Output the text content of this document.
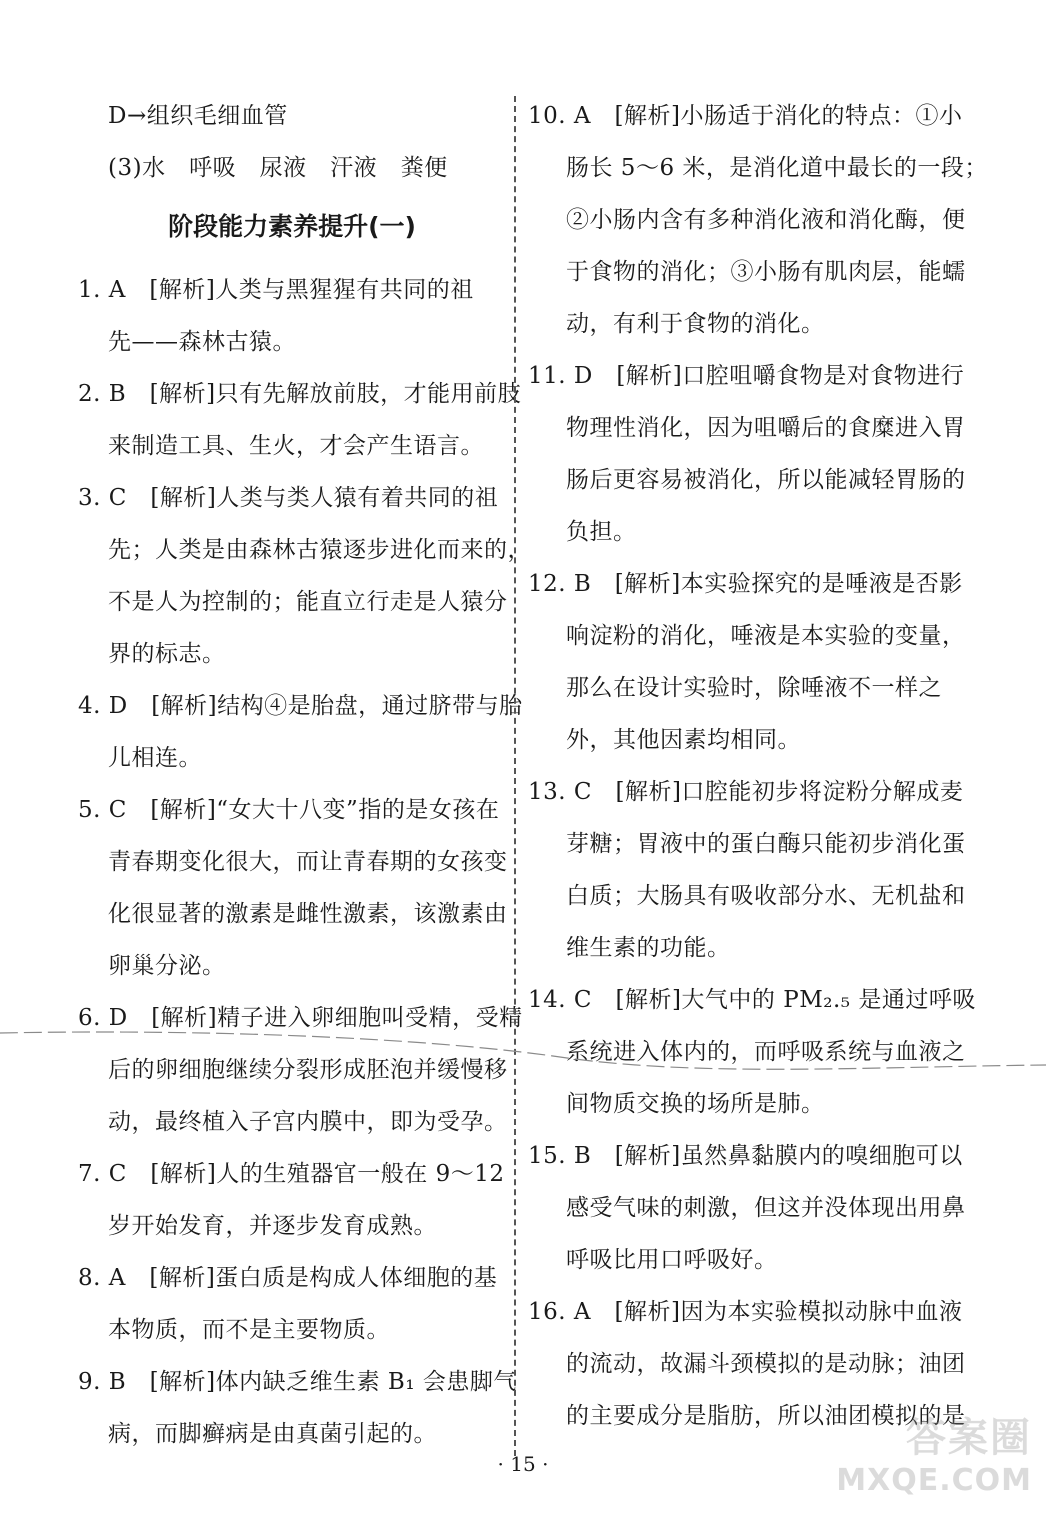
D→组织毛细血管
(3)水　呼吸　尿液　汗液　粪便
阶段能力素养提升(一)
1. A　[解析]人类与黑猩猩有共同的祖
先——森林古猿。
2. B　[解析]只有先解放前肢，才能用前肢
来制造工具、生火，才会产生语言。
3. C　[解析]人类与类人猿有着共同的祖
先；人类是由森林古猿逐步进化而来的，
不是人为控制的；能直立行走是人猿分
界的标志。
4. D　[解析]结构④是胎盘，通过脐带与胎
儿相连。
5. C　[解析]“女大十八变”指的是女孩在
青春期变化很大，而让青春期的女孩变
化很显著的激素是雌性激素，该激素由
卵巢分泌。
6. D　[解析]精子进入卵细胞叫受精，受精
后的卵细胞继续分裂形成胚泡并缓慢移
动，最终植入子宫内膜中，即为受孕。
7. C　[解析]人的生殖器官一般在 9～12
岁开始发育，并逐步发育成熟。
8. A　[解析]蛋白质是构成人体细胞的基
本物质，而不是主要物质。
9. B　[解析]体内缺乏维生素 B₁ 会患脚气
病，而脚癣病是由真菌引起的。
10. A　[解析]小肠适于消化的特点：①小
肠长 5～6 米，是消化道中最长的一段；
②小肠内含有多种消化液和消化酶，便
于食物的消化；③小肠有肌肉层，能蠕
动，有利于食物的消化。
11. D　[解析]口腔咀嚼食物是对食物进行
物理性消化，因为咀嚼后的食糜进入胃
肠后更容易被消化，所以能减轻胃肠的
负担。
12. B　[解析]本实验探究的是唾液是否影
响淀粉的消化，唾液是本实验的变量，
那么在设计实验时，除唾液不一样之
外，其他因素均相同。
13. C　[解析]口腔能初步将淀粉分解成麦
芽糖；胃液中的蛋白酶只能初步消化蛋
白质；大肠具有吸收部分水、无机盐和
维生素的功能。
14. C　[解析]大气中的 PM₂.₅ 是通过呼吸
系统进入体内的，而呼吸系统与血液之
间物质交换的场所是肺。
15. B　[解析]虽然鼻黏膜内的嗅细胞可以
感受气味的刺激，但这并没体现出用鼻
呼吸比用口呼吸好。
16. A　[解析]因为本实验模拟动脉中血液
的流动，故漏斗颈模拟的是动脉；油团
的主要成分是脂肪，所以油团模拟的是
· 15 ·
答案圈
MXQE.COM
